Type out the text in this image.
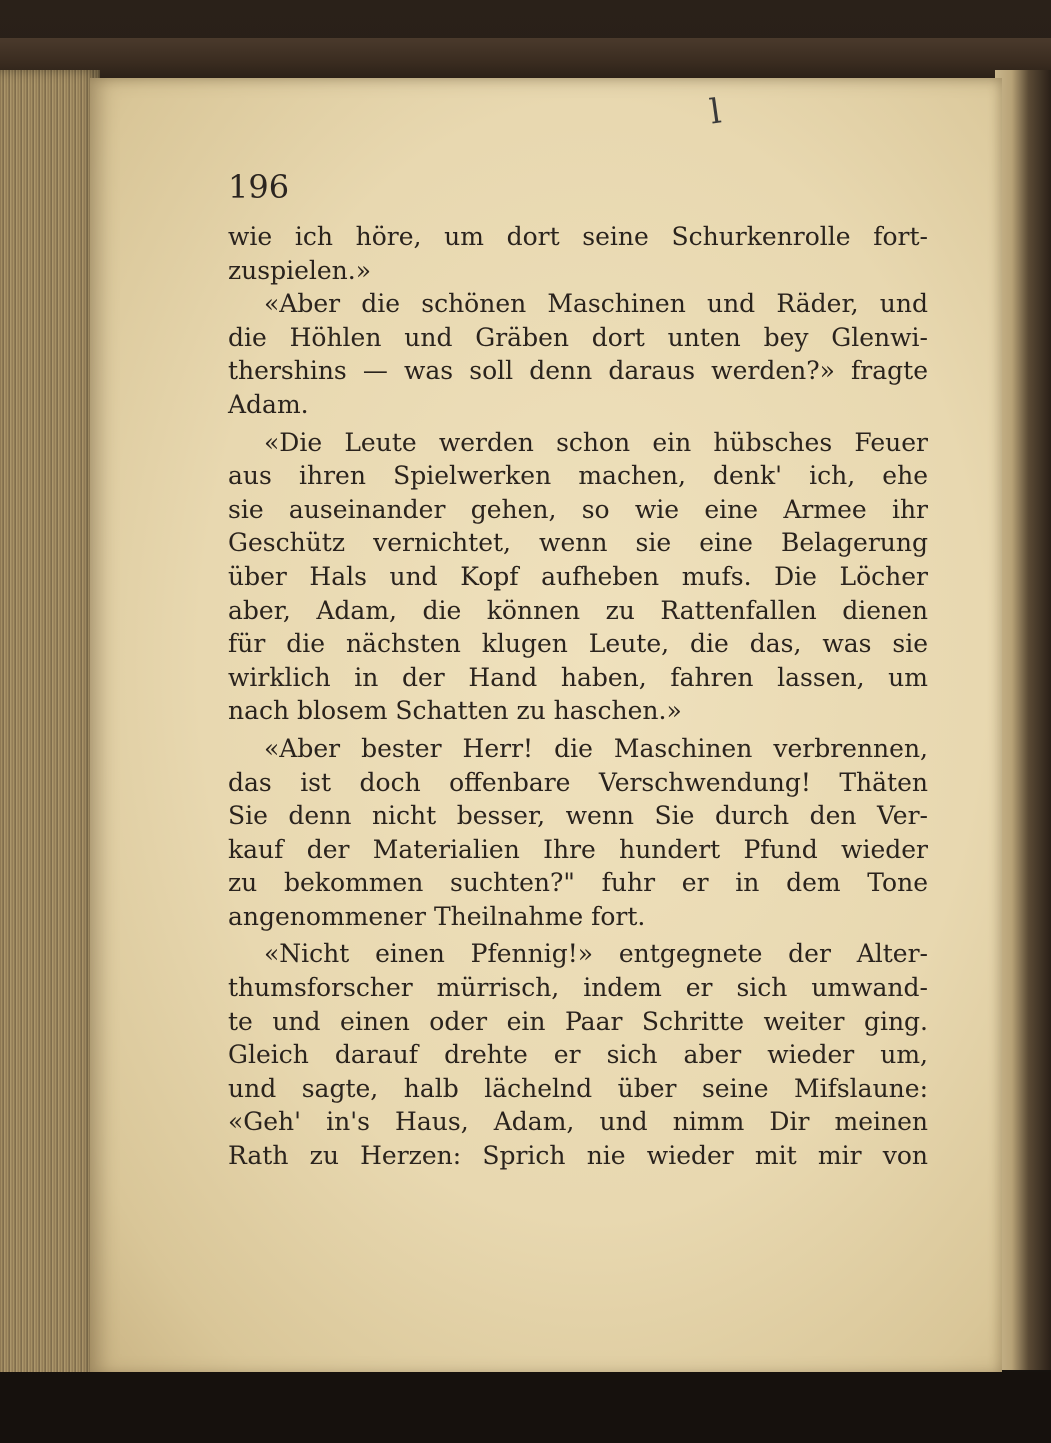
l
196
wie ich höre, um dort seine Schurkenrolle fort-
zuspielen.»
«Aber die schönen Maschinen und Räder, und
die Höhlen und Gräben dort unten bey Glenwi-
thershins — was soll denn daraus werden?» fragte
Adam.
«Die Leute werden schon ein hübsches Feuer
aus ihren Spielwerken machen, denk' ich, ehe
sie auseinander gehen, so wie eine Armee ihr
Geschütz vernichtet, wenn sie eine Belagerung
über Hals und Kopf aufheben mufs. Die Löcher
aber, Adam, die können zu Rattenfallen dienen
für die nächsten klugen Leute, die das, was sie
wirklich in der Hand haben, fahren lassen, um
nach blosem Schatten zu haschen.»
«Aber bester Herr! die Maschinen verbrennen,
das ist doch offenbare Verschwendung! Thäten
Sie denn nicht besser, wenn Sie durch den Ver-
kauf der Materialien Ihre hundert Pfund wieder
zu bekommen suchten?" fuhr er in dem Tone
angenommener Theilnahme fort.
«Nicht einen Pfennig!» entgegnete der Alter-
thumsforscher mürrisch, indem er sich umwand-
te und einen oder ein Paar Schritte weiter ging.
Gleich darauf drehte er sich aber wieder um,
und sagte, halb lächelnd über seine Mifslaune:
«Geh' in's Haus, Adam, und nimm Dir meinen
Rath zu Herzen: Sprich nie wieder mit mir von
